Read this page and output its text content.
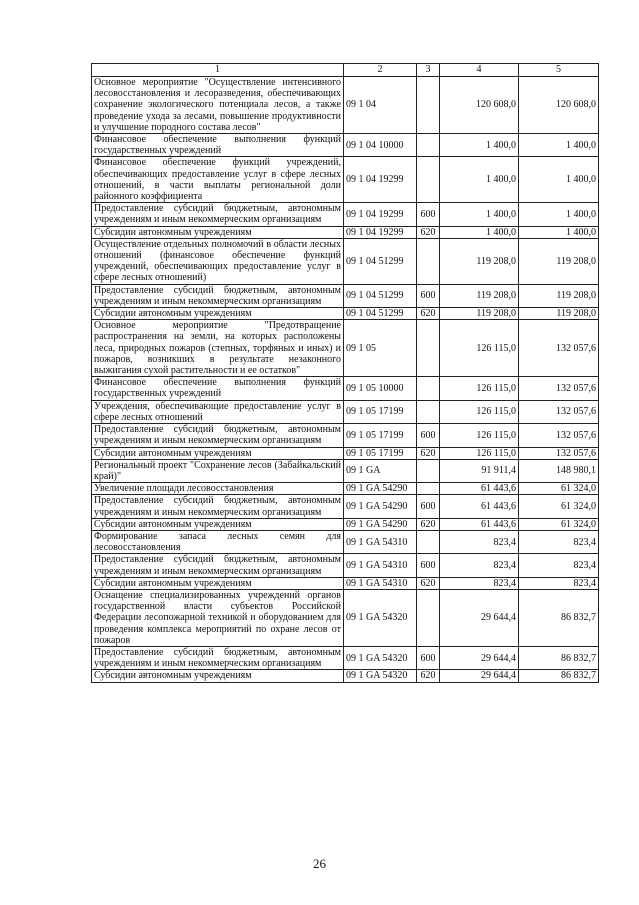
1	2	3	4	5
Основное мероприятие "Осуществление интенсивного лесовосстановления и лесоразведения, обеспечивающих сохранение экологического потенциала лесов, а также проведение ухода за лесами, повышение продуктивности и улучшение породного состава лесов"	09 1 04		120 608,0	120 608,0
Финансовое обеспечение выполнения функций государственных учреждений	09 1 04 10000		1 400,0	1 400,0
Финансовое обеспечение функций учреждений, обеспечивающих предоставление услуг в сфере лесных отношений, в части выплаты региональной доли районного коэффициента	09 1 04 19299		1 400,0	1 400,0
Предоставление субсидий бюджетным, автономным учреждениям и иным некоммерческим организациям	09 1 04 19299	600	1 400,0	1 400,0
Субсидии автономным учреждениям	09 1 04 19299	620	1 400,0	1 400,0
Осуществление отдельных полномочий в области лесных отношений (финансовое обеспечение функций учреждений, обеспечивающих предоставление услуг в сфере лесных отношений)	09 1 04 51299		119 208,0	119 208,0
Предоставление субсидий бюджетным, автономным учреждениям и иным некоммерческим организациям	09 1 04 51299	600	119 208,0	119 208,0
Субсидии автономным учреждениям	09 1 04 51299	620	119 208,0	119 208,0
Основное мероприятие "Предотвращение распространения на земли, на которых расположены леса, природных пожаров (степных, торфяных и иных) и пожаров, возникших в результате незаконного выжигания сухой растительности и ее остатков"	09 1 05		126 115,0	132 057,6
Финансовое обеспечение выполнения функций государственных учреждений	09 1 05 10000		126 115,0	132 057,6
Учреждения, обеспечивающие предоставление услуг в сфере лесных отношений	09 1 05 17199		126 115,0	132 057,6
Предоставление субсидий бюджетным, автономным учреждениям и иным некоммерческим организациям	09 1 05 17199	600	126 115,0	132 057,6
Субсидии автономным учреждениям	09 1 05 17199	620	126 115,0	132 057,6
Региональный проект "Сохранение лесов (Забайкальский край)"	09 1 GA		91 911,4	148 980,1
Увеличение площади лесовосстановления	09 1 GA 54290		61 443,6	61 324,0
Предоставление субсидий бюджетным, автономным учреждениям и иным некоммерческим организациям	09 1 GA 54290	600	61 443,6	61 324,0
Субсидии автономным учреждениям	09 1 GA 54290	620	61 443,6	61 324,0
Формирование запаса лесных семян для лесовосстановления	09 1 GA 54310		823,4	823,4
Предоставление субсидий бюджетным, автономным учреждениям и иным некоммерческим организациям	09 1 GA 54310	600	823,4	823,4
Субсидии автономным учреждениям	09 1 GA 54310	620	823,4	823,4
Оснащение специализированных учреждений органов государственной власти субъектов Российской Федерации лесопожарной техникой и оборудованием для проведения комплекса мероприятий по охране лесов от пожаров	09 1 GA 54320		29 644,4	86 832,7
Предоставление субсидий бюджетным, автономным учреждениям и иным некоммерческим организациям	09 1 GA 54320	600	29 644,4	86 832,7
Субсидии автономным учреждениям	09 1 GA 54320	620	29 644,4	86 832,7
26
